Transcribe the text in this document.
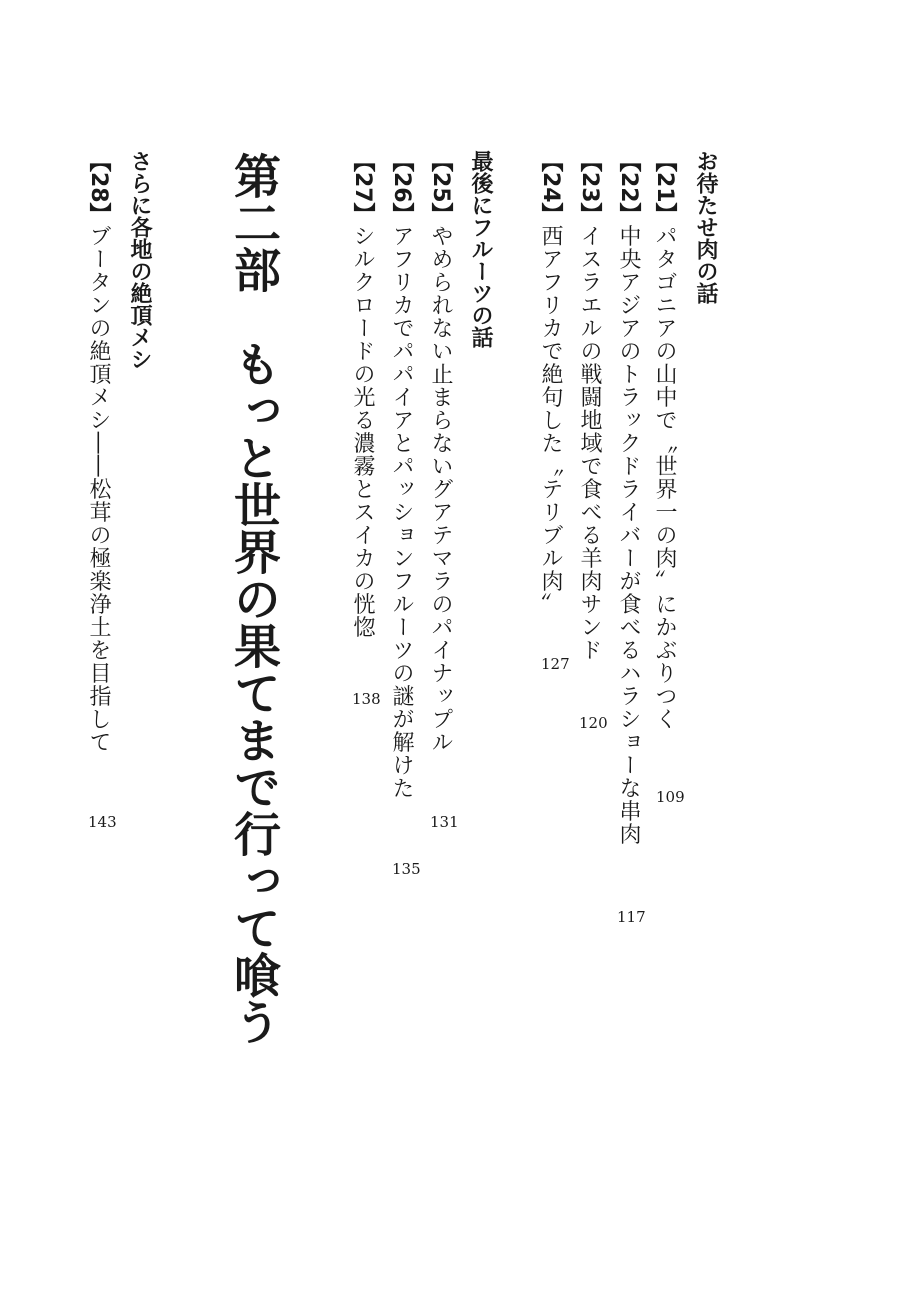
お待たせ肉の話
【21】パタゴニアの山中で〝世界一の肉〞にかぶりつく
109
【22】中央アジアのトラックドライバーが食べるハラショーな串肉
117
【23】イスラエルの戦闘地域で食べる羊肉サンド
120
【24】西アフリカで絶句した〝テリブル肉〞
127
最後にフルーツの話
【25】やめられない止まらないグアテマラのパイナップル
131
【26】アフリカでパパイアとパッションフルーツの謎が解けた
135
【27】シルクロードの光る濃霧とスイカの恍惚
138
第二部　もっと世界の果てまで行って喰う
さらに各地の絶頂メシ
【28】ブータンの絶頂メシ――松茸の極楽浄土を目指して
143
